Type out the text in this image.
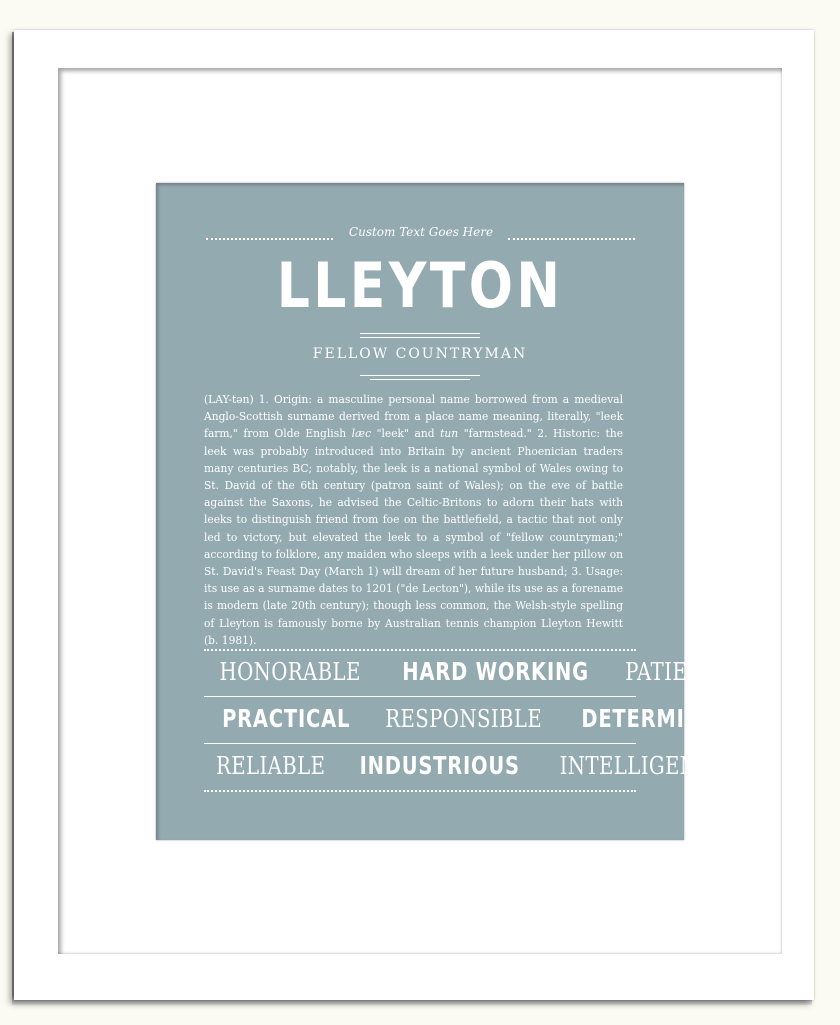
Custom Text Goes Here
LLEYTON
FELLOW COUNTRYMAN
(LAY-tən) 1. Origin: a masculine personal name borrowed from a medieval Anglo-Scottish surname derived from a place name meaning, literally, "leek farm," from Olde English læc "leek" and tun "farmstead." 2. Historic: the leek was probably introduced into Britain by ancient Phoenician traders many centuries BC; notably, the leek is a national symbol of Wales owing to St. David of the 6th century (patron saint of Wales); on the eve of battle against the Saxons, he advised the Celtic-Britons to adorn their hats with leeks to distinguish friend from foe on the battlefield, a tactic that not only led to victory, but elevated the leek to a symbol of "fellow countryman;" according to folklore, any maiden who sleeps with a leek under her pillow on St. David's Feast Day (March 1) will dream of her future husband; 3. Usage: its use as a surname dates to 1201 ("de Lecton"), while its use as a forename is modern (late 20th century); though less common, the Welsh-style spelling of Lleyton is famously borne by Australian tennis champion Lleyton Hewitt (b. 1981).
HONORABLE HARD WORKING PATIENT
PRACTICAL RESPONSIBLE DETERMINED
RELIABLE INDUSTRIOUS INTELLIGENT
